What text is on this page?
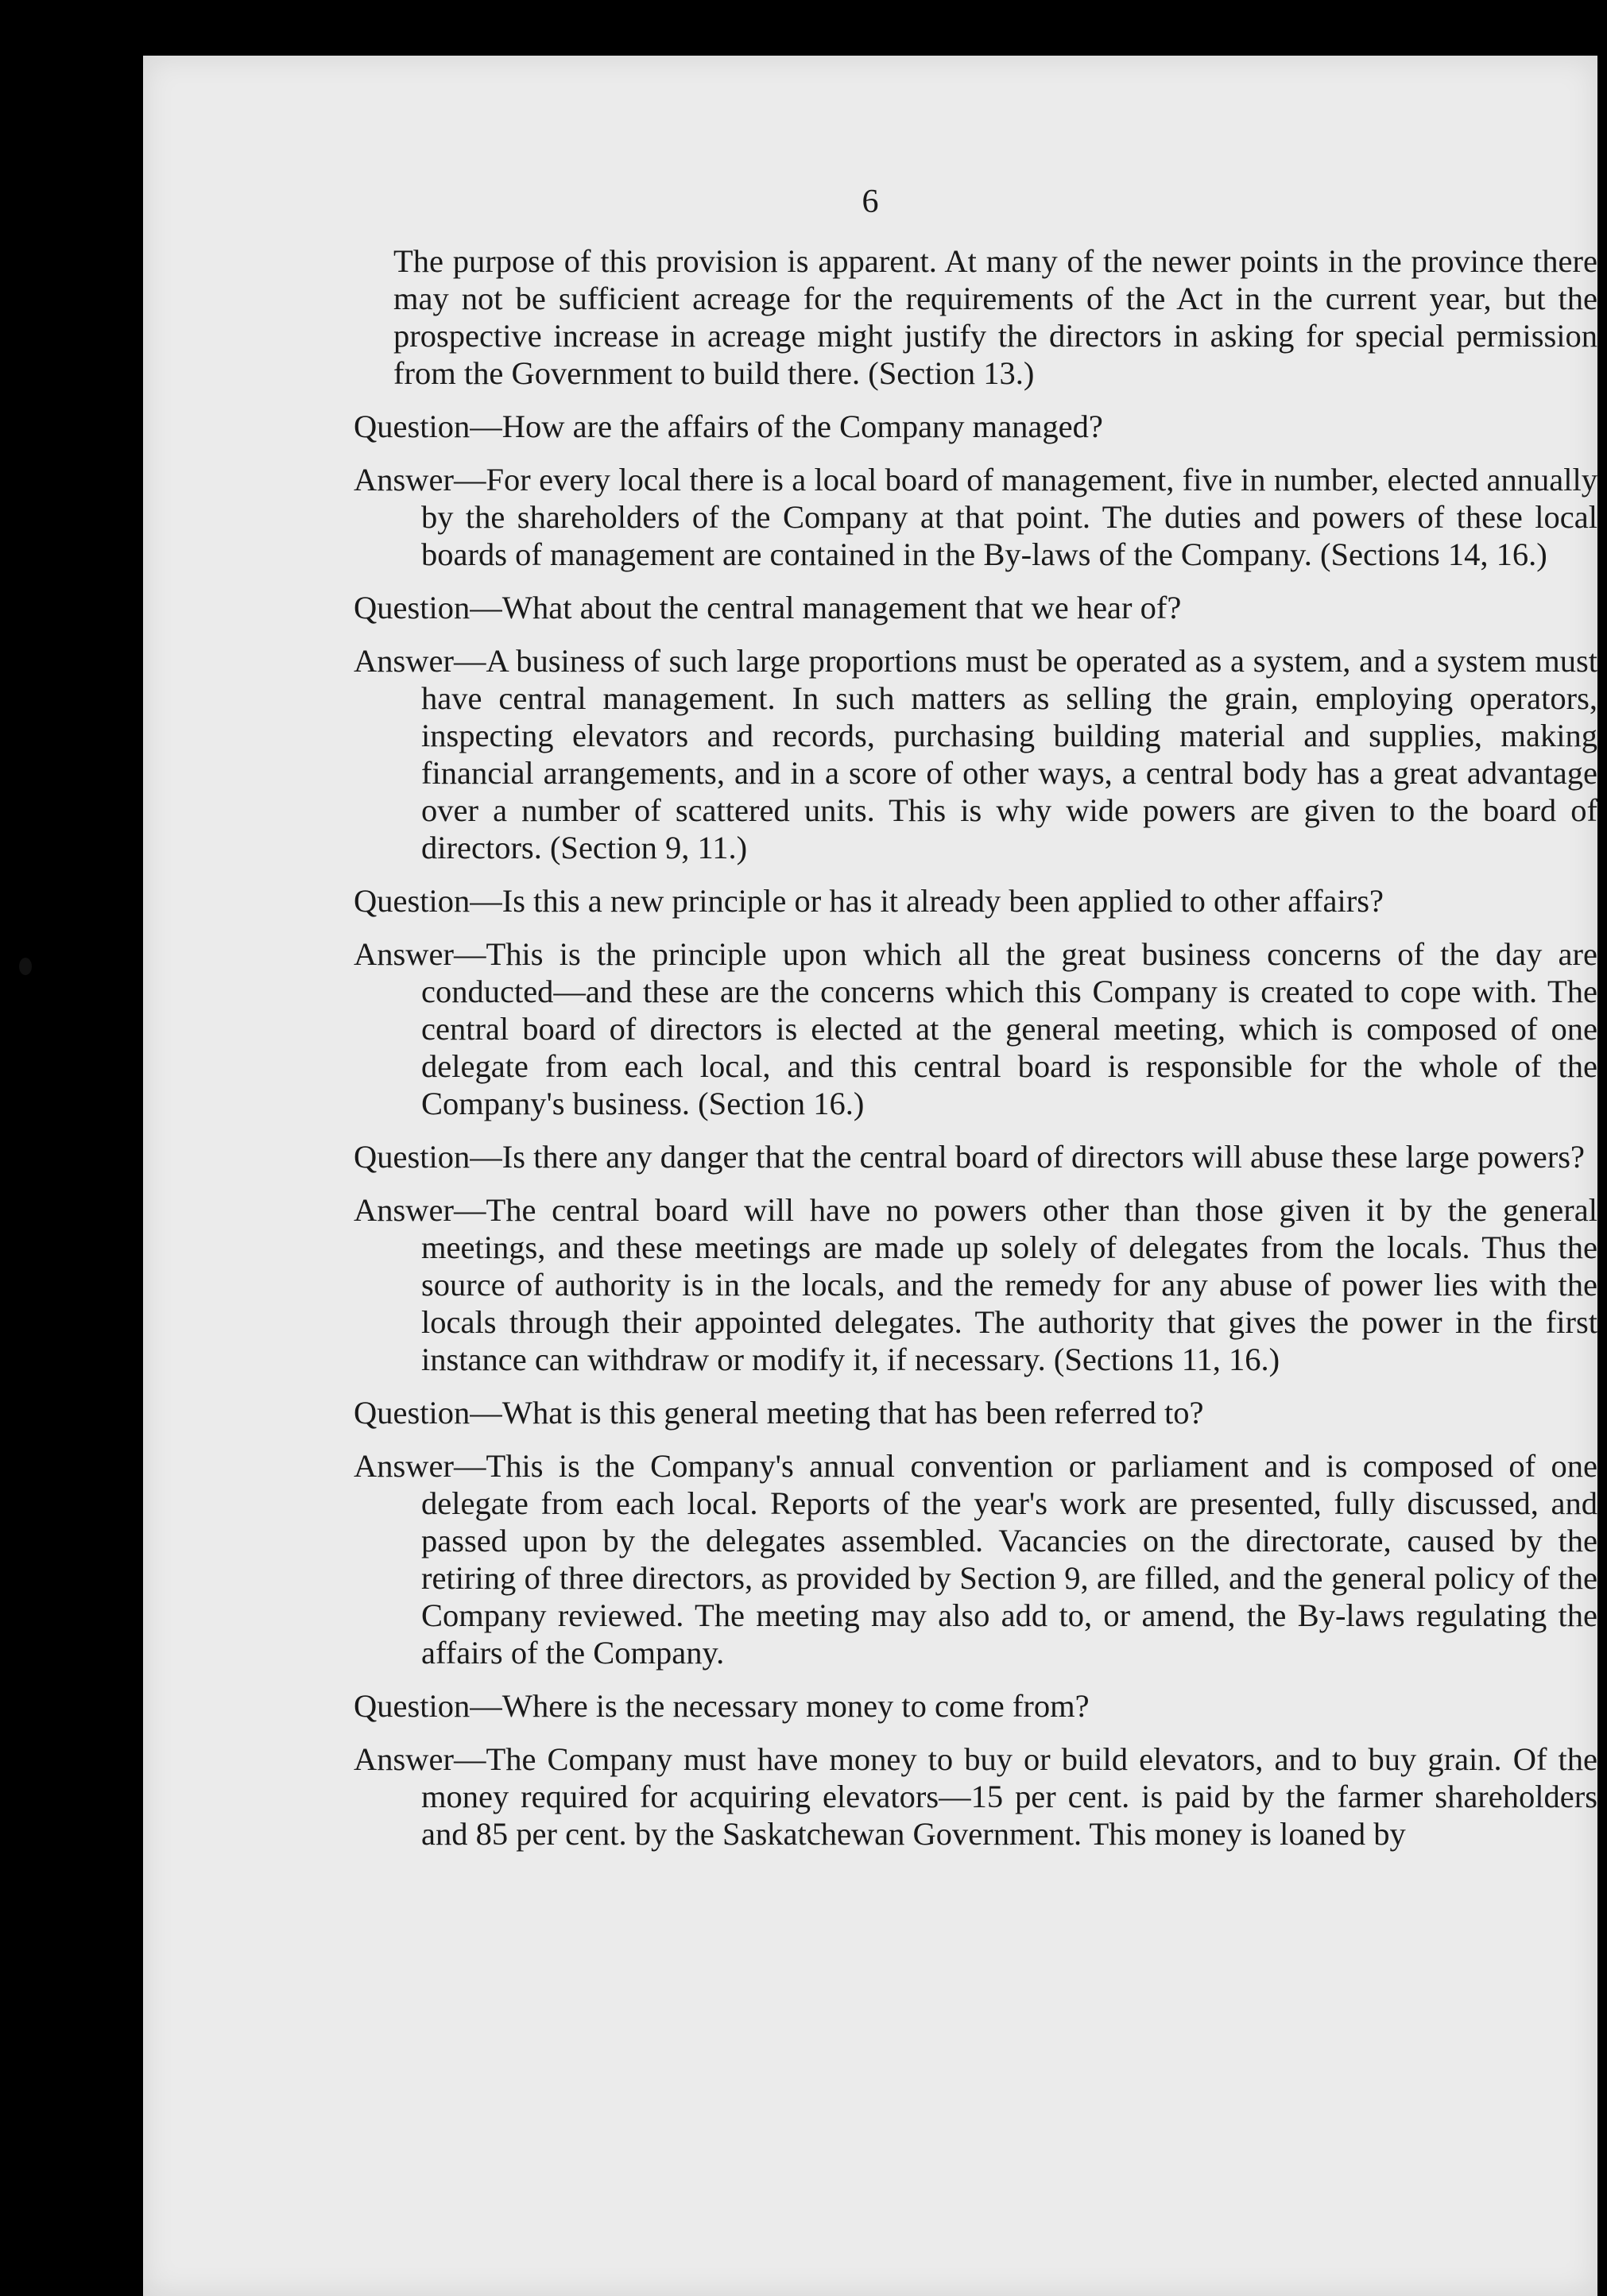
6

The purpose of this provision is apparent. At many of the newer points in the province there may not be sufficient acreage for the requirements of the Act in the current year, but the prospective increase in acreage might justify the directors in asking for special permission from the Government to build there. (Section 13.)

Question—How are the affairs of the Company managed?

Answer—For every local there is a local board of management, five in number, elected annually by the shareholders of the Company at that point. The duties and powers of these local boards of management are contained in the By-laws of the Company. (Sections 14, 16.)

Question—What about the central management that we hear of?

Answer—A business of such large proportions must be operated as a system, and a system must have central management. In such matters as selling the grain, employing operators, inspecting elevators and records, purchasing building material and supplies, making financial arrangements, and in a score of other ways, a central body has a great advantage over a number of scattered units. This is why wide powers are given to the board of directors. (Section 9, 11.)

Question—Is this a new principle or has it already been applied to other affairs?

Answer—This is the principle upon which all the great business concerns of the day are conducted—and these are the concerns which this Company is created to cope with. The central board of directors is elected at the general meeting, which is composed of one delegate from each local, and this central board is responsible for the whole of the Company's business. (Section 16.)

Question—Is there any danger that the central board of directors will abuse these large powers?

Answer—The central board will have no powers other than those given it by the general meetings, and these meetings are made up solely of delegates from the locals. Thus the source of authority is in the locals, and the remedy for any abuse of power lies with the locals through their appointed delegates. The authority that gives the power in the first instance can withdraw or modify it, if necessary. (Sections 11, 16.)

Question—What is this general meeting that has been referred to?

Answer—This is the Company's annual convention or parliament and is composed of one delegate from each local. Reports of the year's work are presented, fully discussed, and passed upon by the delegates assembled. Vacancies on the directorate, caused by the retiring of three directors, as provided by Section 9, are filled, and the general policy of the Company reviewed. The meeting may also add to, or amend, the By-laws regulating the affairs of the Company.

Question—Where is the necessary money to come from?

Answer—The Company must have money to buy or build elevators, and to buy grain. Of the money required for acquiring elevators—15 per cent. is paid by the farmer shareholders and 85 per cent. by the Saskatchewan Government. This money is loaned by
